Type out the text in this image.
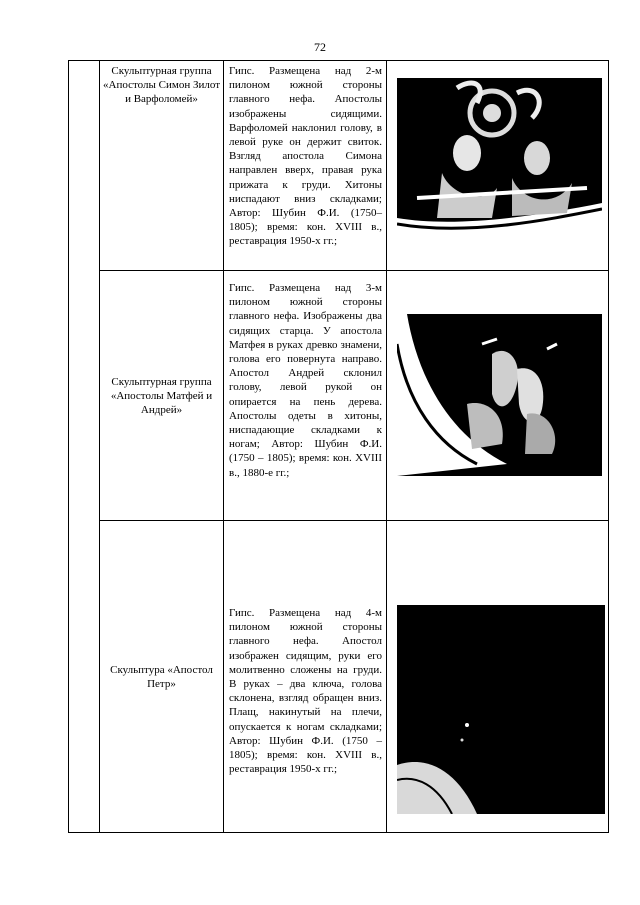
72

	Скульптурная группа «Апостолы Симон Зилот и Варфоломей»	Гипс. Размещена над 2-м пилоном южной стороны главного нефа. Апостолы изображены сидящими. Варфоломей наклонил голову, в левой руке он держит свиток. Взгляд апостола Симона направлен вверх, правая рука прижата к груди. Хитоны ниспадают вниз складками; Автор: Шубин Ф.И. (1750–1805); время: кон. XVIII в., реставрация 1950-х гг.;

	Скульптурная группа «Апостолы Матфей и Андрей»	Гипс. Размещена над 3-м пилоном южной стороны главного нефа. Изображены два сидящих старца. У апостола Матфея в руках древко знамени, голова его повернута направо. Апостол Андрей склонил голову, левой рукой он опирается на пень дерева. Апостолы одеты в хитоны, ниспадающие складками к ногам; Автор: Шубин Ф.И. (1750 – 1805); время: кон. XVIII в., 1880-е гг.;

	Скульптура «Апостол Петр»	Гипс. Размещена над 4-м пилоном южной стороны главного нефа. Апостол изображен сидящим, руки его молитвенно сложены на груди. В руках – два ключа, голова склонена, взгляд обращен вниз. Плащ, накинутый на плечи, опускается к ногам складками; Автор: Шубин Ф.И. (1750 – 1805); время: кон. XVIII в., реставрация 1950-х гг.;
